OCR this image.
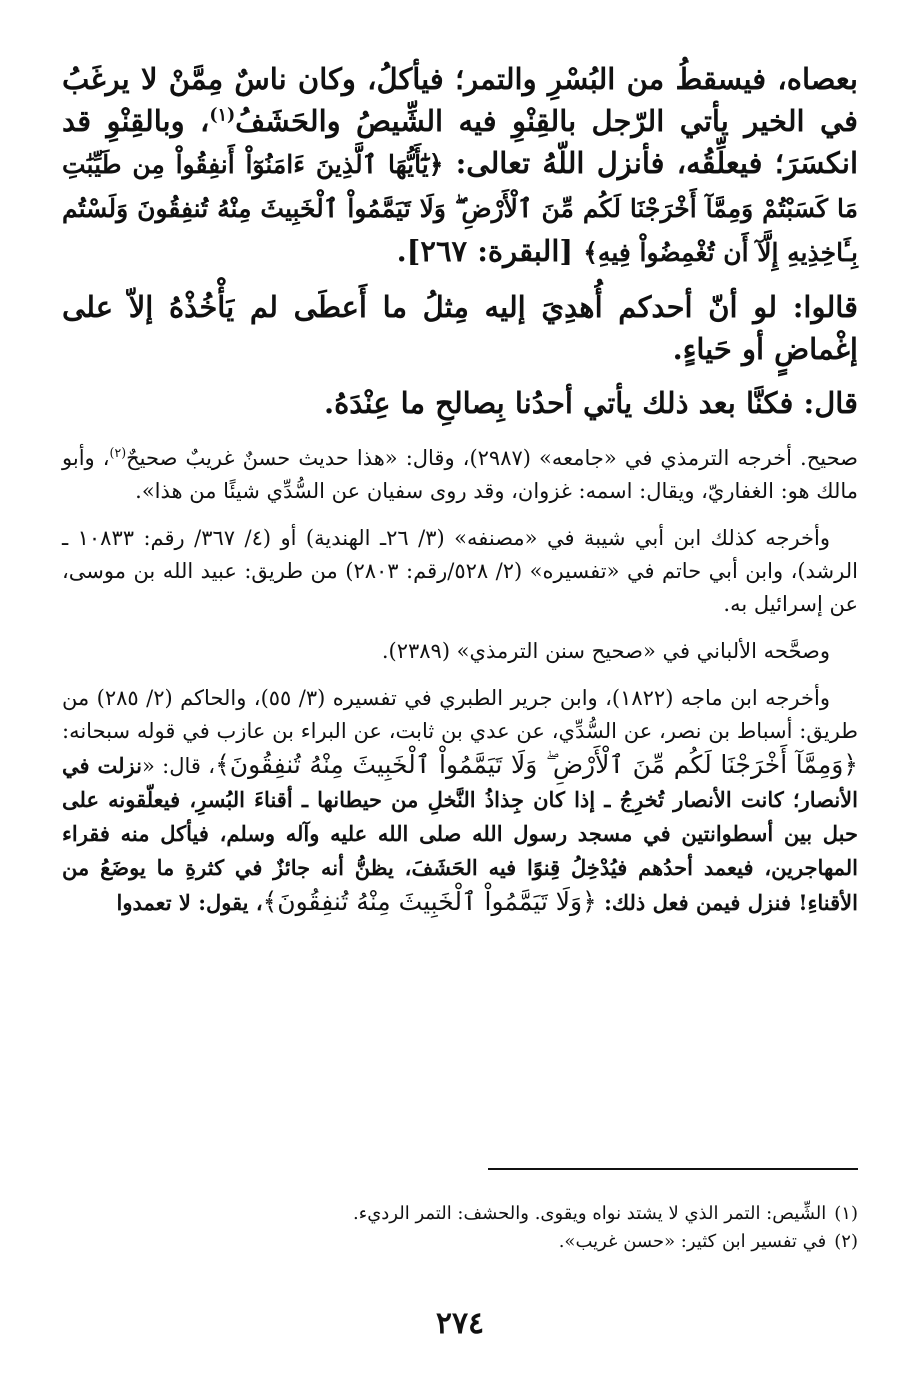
بعصاه، فيسقطُ من البُسْرِ والتمر؛ فيأكلُ، وكان ناسٌ مِمَّنْ لا يرغَبُ في الخير يأتي الرّجل بالقِنْوِ فيه الشِّيصُ والحَشَفُ$^{(١)}$، وبالقِنْوِ قد انكسَرَ؛ فيعلِّقُه، فأنزل اللّهُ تعالى: ﴿يَٰٓأَيُّهَا ٱلَّذِينَ ءَامَنُوٓاْ أَنفِقُواْ مِن طَيِّبَٰتِ مَا كَسَبْتُمْ وَمِمَّآ أَخْرَجْنَا لَكُم مِّنَ ٱلْأَرْضِ ۖ وَلَا تَيَمَّمُواْ ٱلْخَبِيثَ مِنْهُ تُنفِقُونَ وَلَسْتُم بِـَٔاخِذِيهِ إِلَّآ أَن تُغْمِضُواْ فِيهِ﴾ [البقرة: ٢٦٧].

قالوا: لو أنّ أحدكم أُهدِيَ إليه مِثلُ ما أَعطَى لم يَأْخُذْهُ إلاّ على إغْماضٍ أو حَياءٍ.

قال: فكنَّا بعد ذلك يأتي أحدُنا بِصالحِ ما عِنْدَهُ.

صحيح. أخرجه الترمذي في «جامعه» (٢٩٨٧)، وقال: «هذا حديث حسنٌ غريبٌ صحيحٌ$^{(٢)}$، وأبو مالك هو: الغفاريّ، ويقال: اسمه: غزوان، وقد روى سفيان عن السُّدِّي شيئًا من هذا».

وأخرجه كذلك ابن أبي شيبة في «مصنفه» (٣/ ٢٦ـ الهندية) أو (٤/ ٣٦٧/ رقم: ١٠٨٣٣ ـ الرشد)، وابن أبي حاتم في «تفسيره» (٢/ ٥٢٨/رقم: ٢٨٠٣) من طريق: عبيد الله بن موسى، عن إسرائيل به.

وصحَّحه الألباني في «صحيح سنن الترمذي» (٢٣٨٩).

وأخرجه ابن ماجه (١٨٢٢)، وابن جرير الطبري في تفسيره (٣/ ٥٥)، والحاكم (٢/ ٢٨٥) من طريق: أسباط بن نصر، عن السُّدِّي، عن عدي بن ثابت، عن البراء بن عازب في قوله سبحانه: ﴿وَمِمَّآ أَخْرَجْنَا لَكُم مِّنَ ٱلْأَرْضِ ۖ وَلَا تَيَمَّمُواْ ٱلْخَبِيثَ مِنْهُ تُنفِقُونَ﴾، قال: «نزلت في الأنصار؛ كانت الأنصار تُخرِجُ ـ إذا كان جِذاذُ النَّخلِ من حيطانها ـ أقناءَ البُسرِ، فيعلّقونه على حبل بين أسطوانتين في مسجد رسول الله صلى الله عليه وآله وسلم، فيأكل منه فقراء المهاجرين، فيعمد أحدُهم فيُدْخِلُ قِنوًا فيه الحَشَفَ، يظنُّ أنه جائزٌ في كثرةِ ما يوضَعُ من الأقناءِ! فنزل فيمن فعل ذلك: ﴿وَلَا تَيَمَّمُواْ ٱلْخَبِيثَ مِنْهُ تُنفِقُونَ﴾، يقول: لا تعمدوا

(١)
الشِّيص: التمر الذي لا يشتد نواه ويقوى. والحشف: التمر الرديء.
(٢)
في تفسير ابن كثير: «حسن غريب».
٢٧٤
